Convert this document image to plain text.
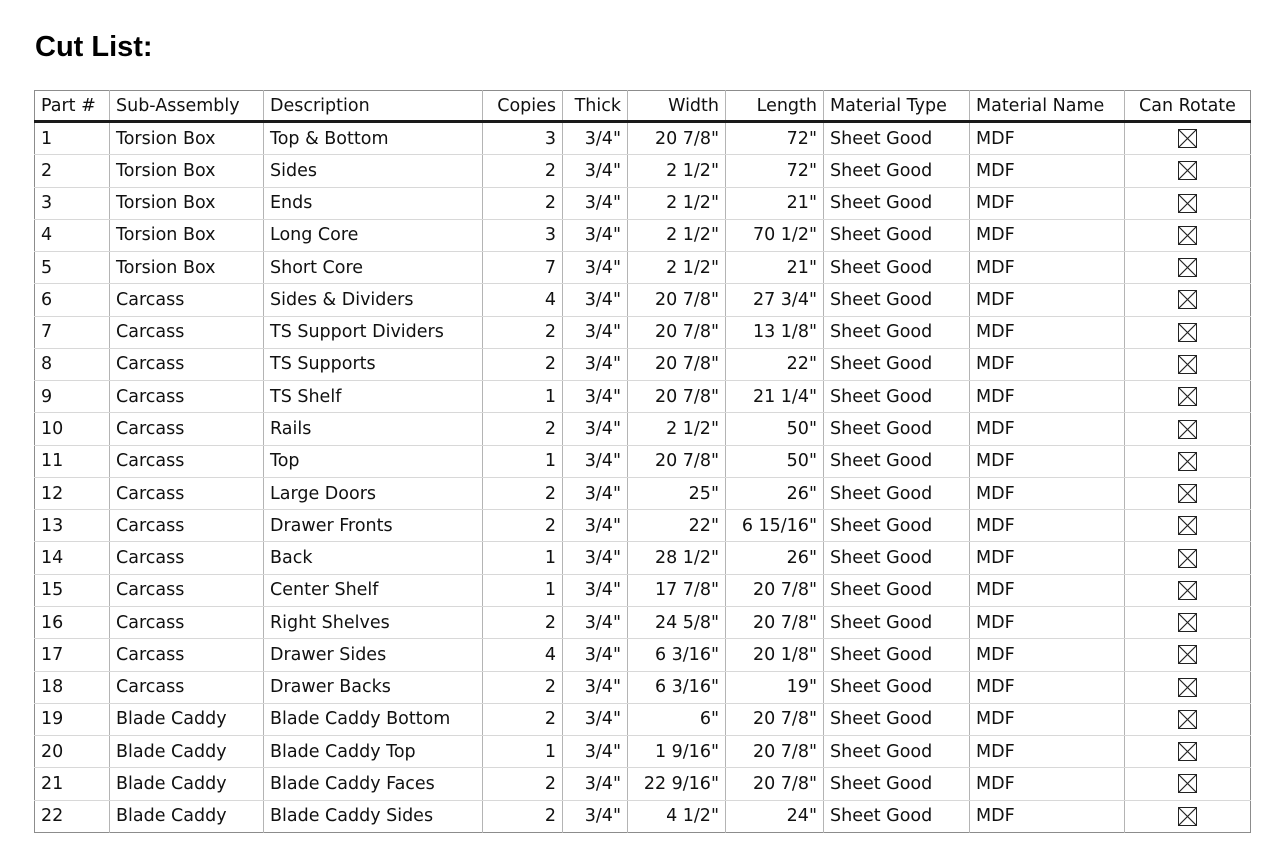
Cut List:
Part #	Sub-Assembly	Description	Copies	Thick	Width	Length	Material Type	Material Name	Can Rotate
1	Torsion Box	Top & Bottom	3	3/4"	20 7/8"	72"	Sheet Good	MDF	
2	Torsion Box	Sides	2	3/4"	2 1/2"	72"	Sheet Good	MDF	
3	Torsion Box	Ends	2	3/4"	2 1/2"	21"	Sheet Good	MDF	
4	Torsion Box	Long Core	3	3/4"	2 1/2"	70 1/2"	Sheet Good	MDF	
5	Torsion Box	Short Core	7	3/4"	2 1/2"	21"	Sheet Good	MDF	
6	Carcass	Sides & Dividers	4	3/4"	20 7/8"	27 3/4"	Sheet Good	MDF	
7	Carcass	TS Support Dividers	2	3/4"	20 7/8"	13 1/8"	Sheet Good	MDF	
8	Carcass	TS Supports	2	3/4"	20 7/8"	22"	Sheet Good	MDF	
9	Carcass	TS Shelf	1	3/4"	20 7/8"	21 1/4"	Sheet Good	MDF	
10	Carcass	Rails	2	3/4"	2 1/2"	50"	Sheet Good	MDF	
11	Carcass	Top	1	3/4"	20 7/8"	50"	Sheet Good	MDF	
12	Carcass	Large Doors	2	3/4"	25"	26"	Sheet Good	MDF	
13	Carcass	Drawer Fronts	2	3/4"	22"	6 15/16"	Sheet Good	MDF	
14	Carcass	Back	1	3/4"	28 1/2"	26"	Sheet Good	MDF	
15	Carcass	Center Shelf	1	3/4"	17 7/8"	20 7/8"	Sheet Good	MDF	
16	Carcass	Right Shelves	2	3/4"	24 5/8"	20 7/8"	Sheet Good	MDF	
17	Carcass	Drawer Sides	4	3/4"	6 3/16"	20 1/8"	Sheet Good	MDF	
18	Carcass	Drawer Backs	2	3/4"	6 3/16"	19"	Sheet Good	MDF	
19	Blade Caddy	Blade Caddy Bottom	2	3/4"	6"	20 7/8"	Sheet Good	MDF	
20	Blade Caddy	Blade Caddy Top	1	3/4"	1 9/16"	20 7/8"	Sheet Good	MDF	
21	Blade Caddy	Blade Caddy Faces	2	3/4"	22 9/16"	20 7/8"	Sheet Good	MDF	
22	Blade Caddy	Blade Caddy Sides	2	3/4"	4 1/2"	24"	Sheet Good	MDF	
